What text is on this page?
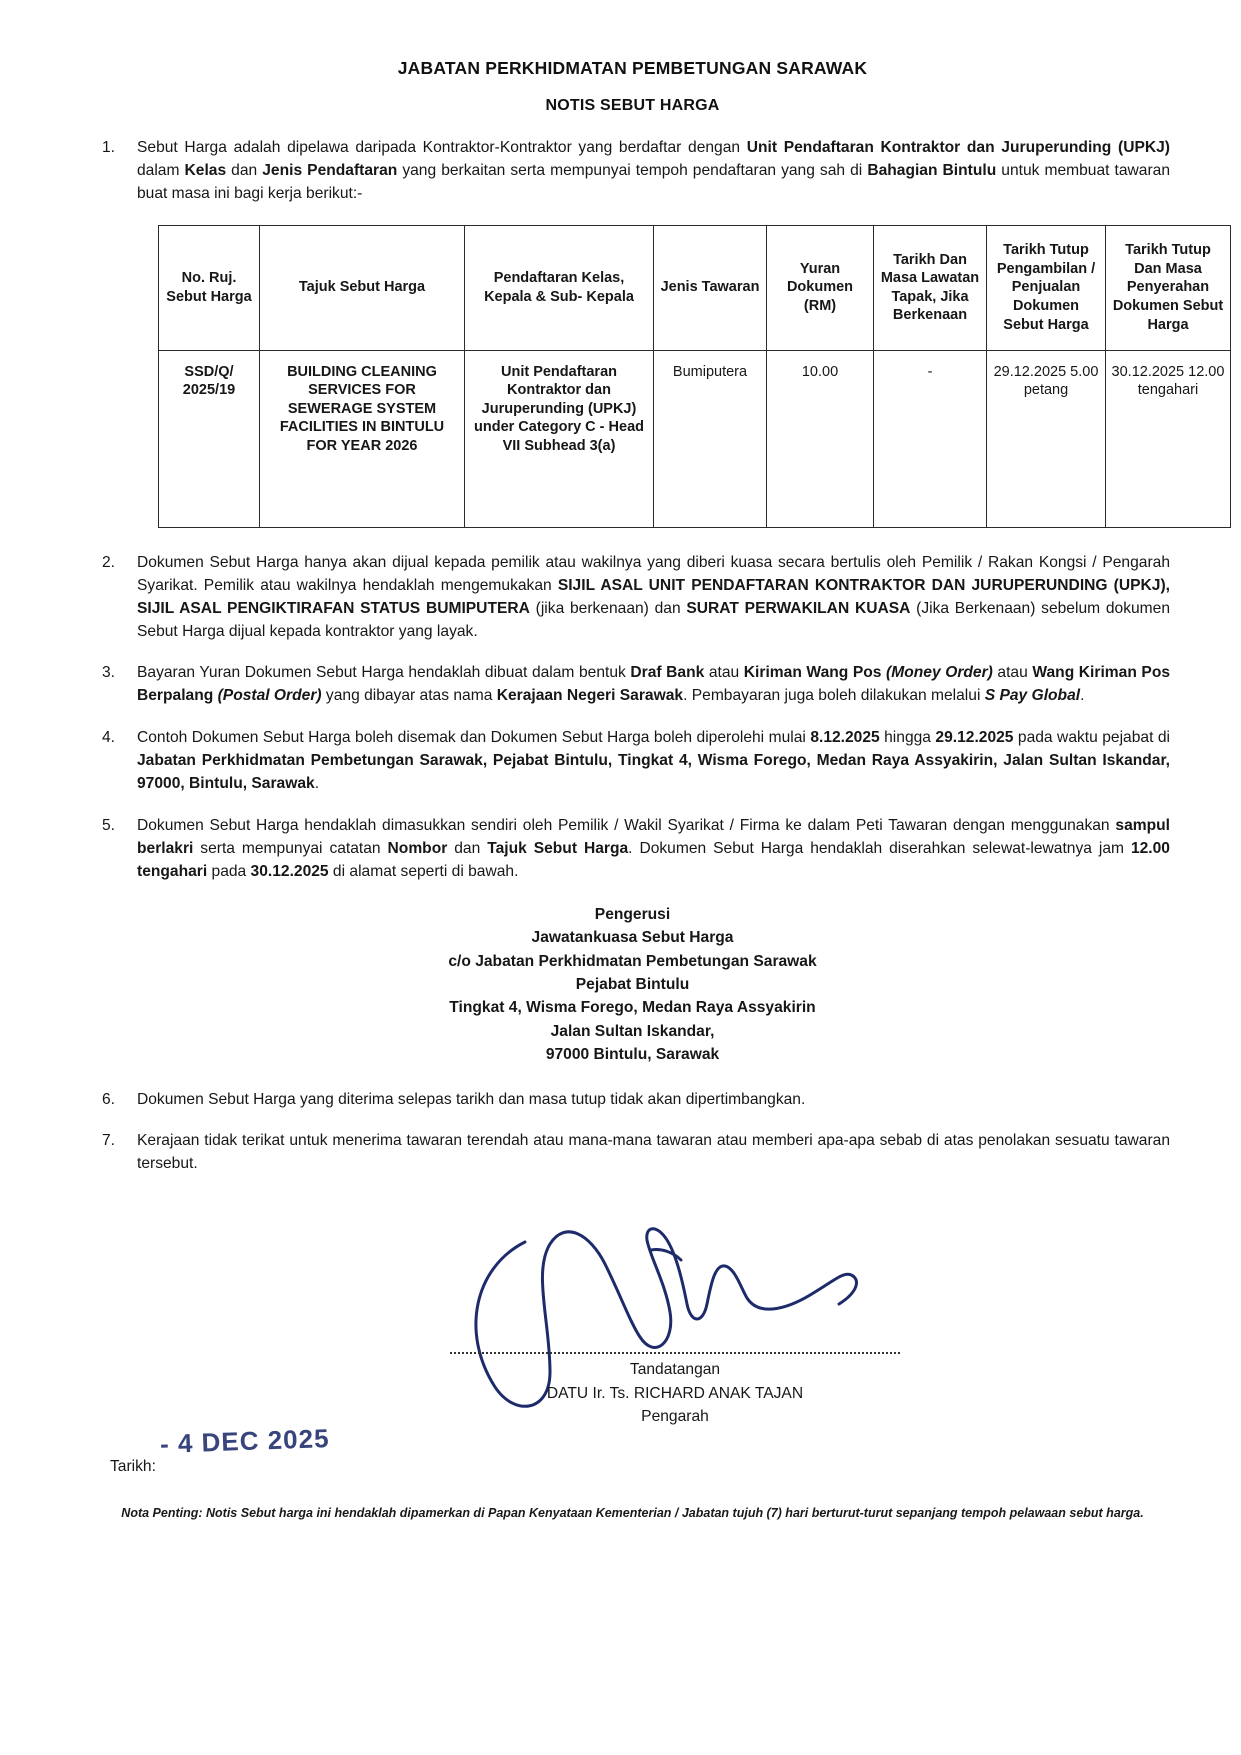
JABATAN PERKHIDMATAN PEMBETUNGAN SARAWAK
NOTIS SEBUT HARGA
1.	Sebut Harga adalah dipelawa daripada Kontraktor-Kontraktor yang berdaftar dengan Unit Pendaftaran Kontraktor dan Juruperunding (UPKJ) dalam Kelas dan Jenis Pendaftaran yang berkaitan serta mempunyai tempoh pendaftaran yang sah di Bahagian Bintulu untuk membuat tawaran buat masa ini bagi kerja berikut:-
No. Ruj. Sebut Harga	Tajuk Sebut Harga	Pendaftaran Kelas, Kepala & Sub- Kepala	Jenis Tawaran	Yuran Dokumen (RM)	Tarikh Dan Masa Lawatan Tapak, Jika Berkenaan	Tarikh Tutup Pengambilan / Penjualan Dokumen Sebut Harga	Tarikh Tutup Dan Masa Penyerahan Dokumen Sebut Harga
SSD/Q/ 2025/19	BUILDING CLEANING SERVICES FOR SEWERAGE SYSTEM FACILITIES IN BINTULU FOR YEAR 2026	Unit Pendaftaran Kontraktor dan Juruperunding (UPKJ) under Category C - Head VII Subhead 3(a)	Bumiputera	10.00	-	29.12.2025 5.00 petang	30.12.2025 12.00 tengahari
2.	Dokumen Sebut Harga hanya akan dijual kepada pemilik atau wakilnya yang diberi kuasa secara bertulis oleh Pemilik / Rakan Kongsi / Pengarah Syarikat. Pemilik atau wakilnya hendaklah mengemukakan SIJIL ASAL UNIT PENDAFTARAN KONTRAKTOR DAN JURUPERUNDING (UPKJ), SIJIL ASAL PENGIKTIRAFAN STATUS BUMIPUTERA (jika berkenaan) dan SURAT PERWAKILAN KUASA (Jika Berkenaan) sebelum dokumen Sebut Harga dijual kepada kontraktor yang layak.
3.	Bayaran Yuran Dokumen Sebut Harga hendaklah dibuat dalam bentuk Draf Bank atau Kiriman Wang Pos (Money Order) atau Wang Kiriman Pos Berpalang (Postal Order) yang dibayar atas nama Kerajaan Negeri Sarawak. Pembayaran juga boleh dilakukan melalui S Pay Global.
4.	Contoh Dokumen Sebut Harga boleh disemak dan Dokumen Sebut Harga boleh diperolehi mulai 8.12.2025 hingga 29.12.2025 pada waktu pejabat di Jabatan Perkhidmatan Pembetungan Sarawak, Pejabat Bintulu, Tingkat 4, Wisma Forego, Medan Raya Assyakirin, Jalan Sultan Iskandar, 97000, Bintulu, Sarawak.
5.	Dokumen Sebut Harga hendaklah dimasukkan sendiri oleh Pemilik / Wakil Syarikat / Firma ke dalam Peti Tawaran dengan menggunakan sampul berlakri serta mempunyai catatan Nombor dan Tajuk Sebut Harga. Dokumen Sebut Harga hendaklah diserahkan selewat-lewatnya jam 12.00 tengahari pada 30.12.2025 di alamat seperti di bawah.
Pengerusi
Jawatankuasa Sebut Harga
c/o Jabatan Perkhidmatan Pembetungan Sarawak
Pejabat Bintulu
Tingkat 4, Wisma Forego, Medan Raya Assyakirin
Jalan Sultan Iskandar,
97000 Bintulu, Sarawak
6.	Dokumen Sebut Harga yang diterima selepas tarikh dan masa tutup tidak akan dipertimbangkan.
7.	Kerajaan tidak terikat untuk menerima tawaran terendah atau mana-mana tawaran atau memberi apa-apa sebab di atas penolakan sesuatu tawaran tersebut.
Tandatangan
DATU Ir. Ts. RICHARD ANAK TAJAN
Pengarah
- 4 DEC 2025
Tarikh:
Nota Penting: Notis Sebut harga ini hendaklah dipamerkan di Papan Kenyataan Kementerian / Jabatan tujuh (7) hari berturut-turut sepanjang tempoh pelawaan sebut harga.
